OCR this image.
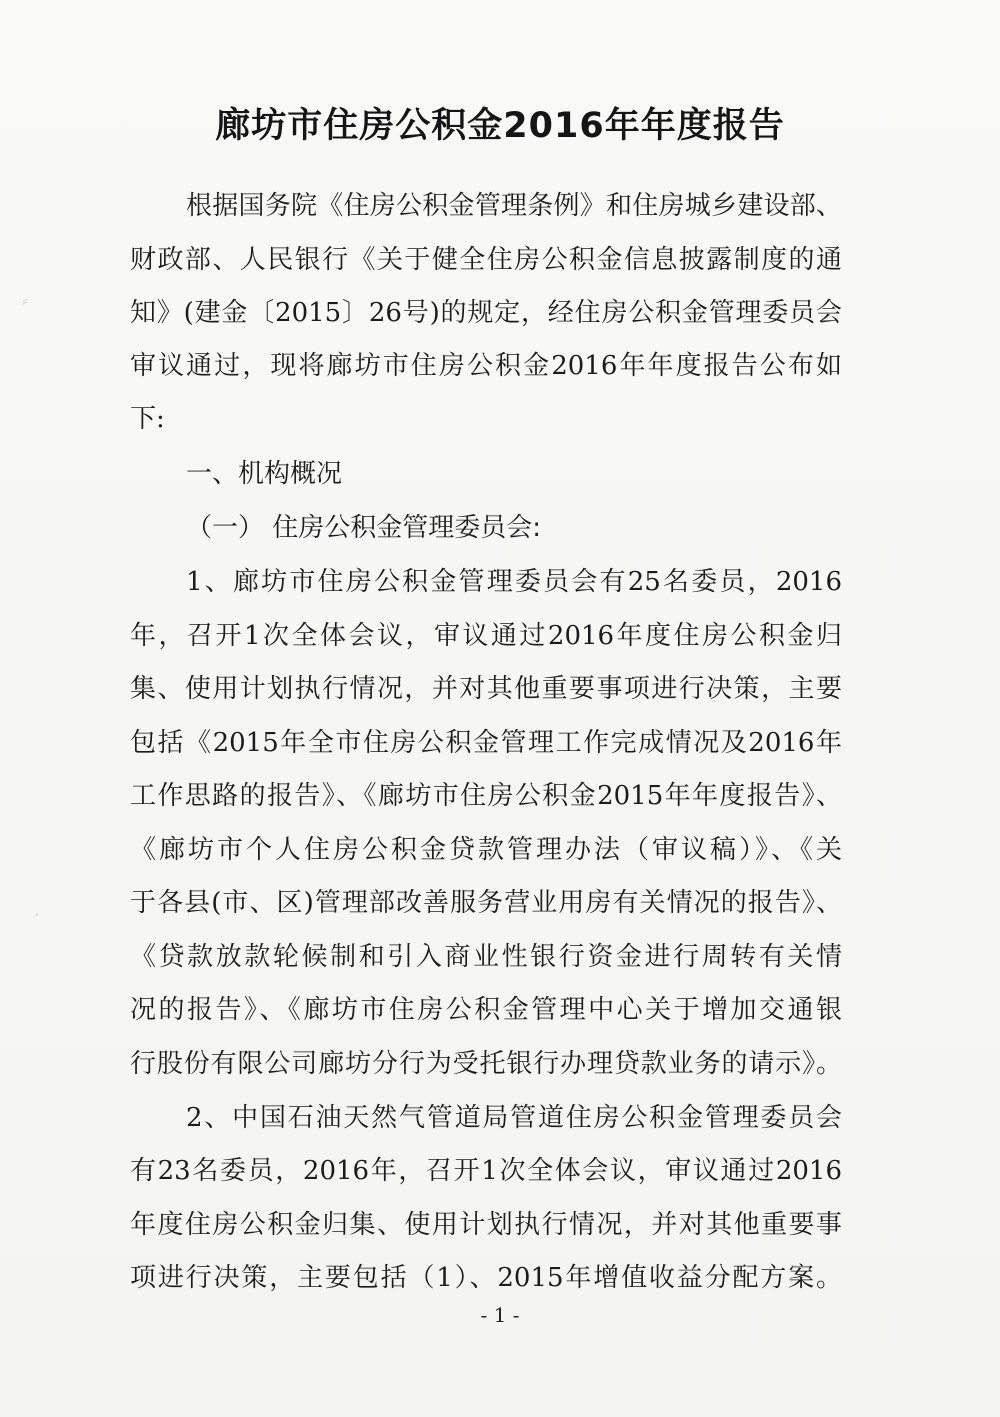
⸗
·
廊坊市住房公积金2016年年度报告
根据国务院《住房公积金管理条例》和住房城乡建设部、
财政部、人民银行《关于健全住房公积金信息披露制度的通
知》(建金〔2015〕26号)的规定，经住房公积金管理委员会
审议通过，现将廊坊市住房公积金2016年年度报告公布如
下:
一、机构概况
（一） 住房公积金管理委员会:
1、廊坊市住房公积金管理委员会有25名委员，2016
年，召开1次全体会议，审议通过2016年度住房公积金归
集、使用计划执行情况，并对其他重要事项进行决策，主要
包括《2015年全市住房公积金管理工作完成情况及2016年
工作思路的报告》、《廊坊市住房公积金2015年年度报告》、
《廊坊市个人住房公积金贷款管理办法（审议稿）》、《关
于各县(市、区)管理部改善服务营业用房有关情况的报告》、
《贷款放款轮候制和引入商业性银行资金进行周转有关情
况的报告》、《廊坊市住房公积金管理中心关于增加交通银
行股份有限公司廊坊分行为受托银行办理贷款业务的请示》。
2、中国石油天然气管道局管道住房公积金管理委员会
有23名委员，2016年，召开1次全体会议，审议通过2016
年度住房公积金归集、使用计划执行情况，并对其他重要事
项进行决策，主要包括（1）、2015年增值收益分配方案。
- 1 -
